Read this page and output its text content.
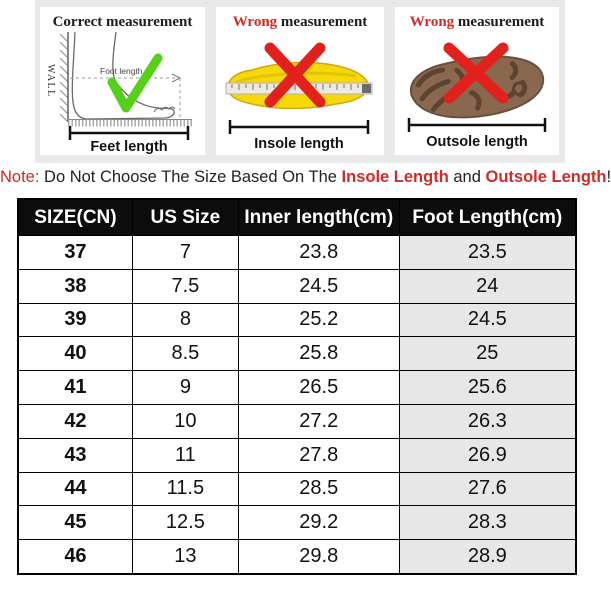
Correct measurement
WALL	Foot length
Feet length
Wrong measurement
Insole length
Wrong measurement
Outsole length
Note: Do Not Choose The Size Based On The Insole Length and Outsole Length!
SIZE(CN)	US Size	Inner length(cm)	Foot Length(cm)
37	7	23.8	23.5
38	7.5	24.5	24
39	8	25.2	24.5
40	8.5	25.8	25
41	9	26.5	25.6
42	10	27.2	26.3
43	11	27.8	26.9
44	11.5	28.5	27.6
45	12.5	29.2	28.3
46	13	29.8	28.9
